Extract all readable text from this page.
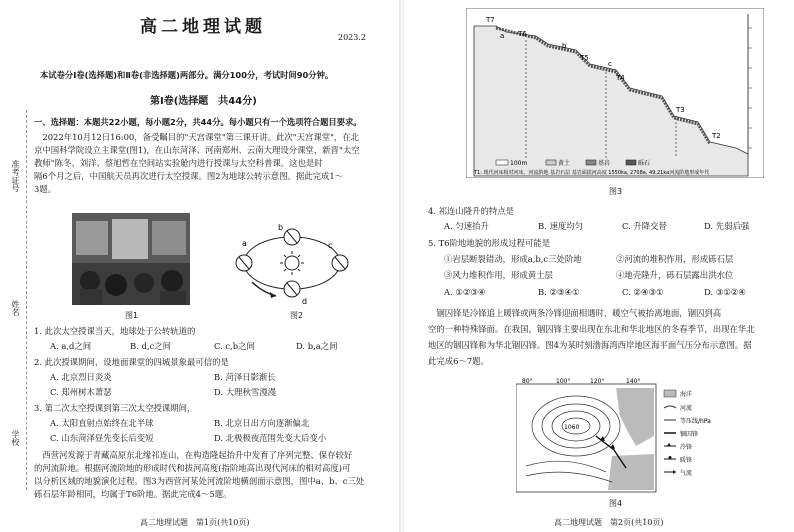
准考证号
姓名
学校
高二地理试题
2023.2
本试卷分Ⅰ卷(选择题)和Ⅱ卷(非选择题)两部分。满分100分，考试时间90分钟。
第Ⅰ卷(选择题　共44分)
一、选择题：本题共22小题，每小题2分，共44分。每小题只有一个选项符合题目要求。
　2022年10月12日16:00，备受瞩目的"天宫课堂"第三课开讲。此次"天宫课堂"，在北
京中国科学院设立主课堂(图1)，在山东菏泽、河南郑州、云南大理设分课堂，新晋"太空
教师"陈冬、刘洋、蔡旭哲在空间站实验舱内进行授课与太空科普课。这也是时
隔6个月之后，中国航天员再次进行太空授课。图2为地球公转示意图。据此完成1～
3题。
图1
a
b
c
d
图2
1. 此次太空授课当天，地球处于公转轨道的
A. a,d之间	B. d,c之间	C. c,b之间	D. b,a之间
2. 此次授课期间，设地面课堂的四城景象最可信的是
A. 北京烈日炎炎	B. 菏泽日影渐长
C. 郑州树木萧瑟	D. 大理秋雪漫漫
3. 第二次太空授课到第三次太空授课期间，
A. 太阳直射点始终在北半球	B. 北京日出方向逐渐偏北
C. 山东菏泽昼先变长后变短	D. 北极极夜范围先变大后变小
　西营河发源于青藏高原东北缘祁连山，在构造隆起抬升中发育了序列完整、保存较好
的河流阶地。根据河流阶地的形成时代和拔河高度(指阶地高出现代河床的相对高度)可
以分析区域的地貌演化过程。图3为西营河某处河流阶地横剖面示意图，图中a、b、c三处
砾石层年龄相同，均属于T6阶地。据此完成4～5题。
高二地理试题　第1页(共10页)
T7
T6
T5
T4
T3
T2
a
b
c
100m	黄土	基岩	砾石
T1: 现代河床相对河床，河流阶地 基岩石层 基岩面拔河高度 1550ka, 2708a, 49.21ka河流阶地形成年代
图3
4. 祁连山隆升的特点是
A. 匀速抬升	B. 速度均匀	C. 升降交替	D. 先弱后强
5. T6阶地地貌的形成过程可能是
①岩层断裂错动，形成a,b,c三处阶地	②河流的堆积作用，形成砾石层
③风力堆积作用，形成黄土层	④地壳隆升，砾石层露出洪水位
A. ①②③④	B. ②③④①	C. ②④③①	D. ③①②④
　锢囚锋是冷锋追上暖锋或两条冷锋迎面相遇时，暖空气被抬离地面，锢囚到高
空的一种特殊锋面。在我国，锢囚锋主要出现在东北和华北地区的冬春季节，出现在华北
地区的锢囚锋称为华北锢囚锋。图4为某时刻渤海湾西岸地区海平面气压分布示意图。据
此完成6～7题。
80°	100°	120°	140°
1060
海洋
河流
等压线/hPa
锢囚锋
冷锋
暖锋
气流
图4
高二地理试题　第2页(共10页)
